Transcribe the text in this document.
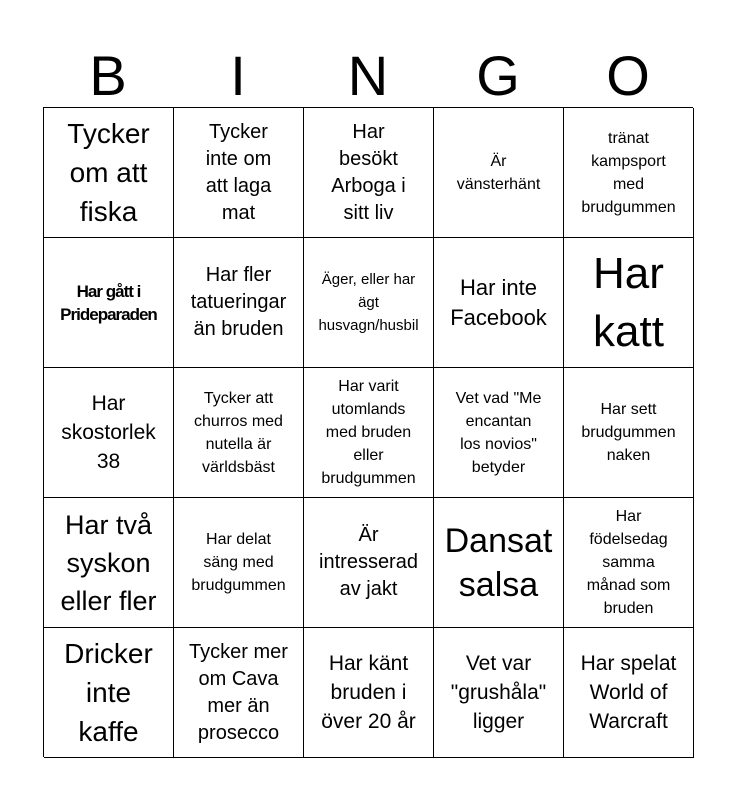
B	I	N	G	O
Tycker
om att
fiska
Tycker
inte om
att laga
mat
Har
besökt
Arboga i
sitt liv
Är
vänsterhänt
tränat
kampsport
med
brudgummen
Har gått i
Prideparaden
Har fler
tatueringar
än bruden
Äger, eller har
ägt
husvagn/husbil
Har inte
Facebook
Har
katt
Har
skostorlek
38
Tycker att
churros med
nutella är
världsbäst
Har varit
utomlands
med bruden
eller
brudgummen
Vet vad "Me
encantan
los novios"
betyder
Har sett
brudgummen
naken
Har två
syskon
eller fler
Har delat
säng med
brudgummen
Är
intresserad
av jakt
Dansat
salsa
Har
födelsedag
samma
månad som
bruden
Dricker
inte
kaffe
Tycker mer
om Cava
mer än
prosecco
Har känt
bruden i
över 20 år
Vet var
"grushåla"
ligger
Har spelat
World of
Warcraft
